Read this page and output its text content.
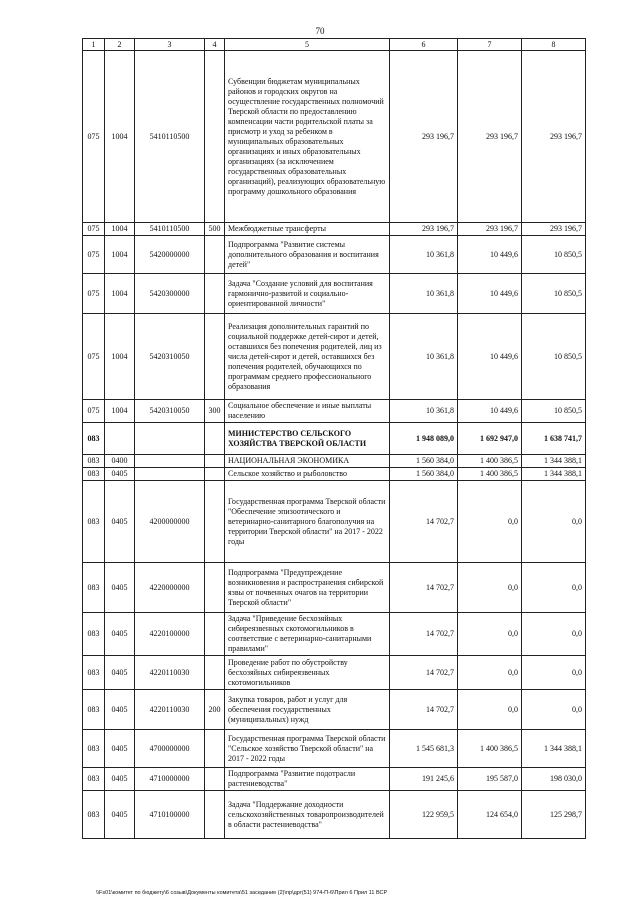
70
1	2	3	4	5	6	7	8
075	1004	5410110500		Субвенции бюджетам муниципальных районов и городских округов на осуществление государственных полномочий Тверской области по предоставлению компенсации части родительской платы за присмотр и уход за ребенком в муниципальных образовательных организациях и иных образовательных организациях (за исключением государственных образовательных организаций), реализующих образовательную программу дошкольного образования	293 196,7	293 196,7	293 196,7
075	1004	5410110500	500	Межбюджетные трансферты	293 196,7	293 196,7	293 196,7
075	1004	5420000000		Подпрограмма "Развитие системы дополнительного образования и воспитания детей"	10 361,8	10 449,6	10 850,5
075	1004	5420300000		Задача "Создание условий для воспитания гармонично-развитой и социально-ориентированной личности"	10 361,8	10 449,6	10 850,5
075	1004	5420310050		Реализация дополнительных гарантий по социальной поддержке детей-сирот и детей, оставшихся без попечения родителей, лиц из числа детей-сирот и детей, оставшихся без попечения родителей, обучающихся по программам среднего профессионального образования	10 361,8	10 449,6	10 850,5
075	1004	5420310050	300	Социальное обеспечение и иные выплаты населению	10 361,8	10 449,6	10 850,5
083				МИНИСТЕРСТВО СЕЛЬСКОГО ХОЗЯЙСТВА ТВЕРСКОЙ ОБЛАСТИ	1 948 089,0	1 692 947,0	1 638 741,7
083	0400			НАЦИОНАЛЬНАЯ ЭКОНОМИКА	1 560 384,0	1 400 386,5	1 344 388,1
083	0405			Сельское хозяйство и рыболовство	1 560 384,0	1 400 386,5	1 344 388,1
083	0405	4200000000		Государственная программа Тверской области "Обеспечение эпизоотического и ветеринарно-санитарного благополучия на территории Тверской области" на 2017 - 2022 годы	14 702,7	0,0	0,0
083	0405	4220000000		Подпрограмма "Предупреждение возникновения и распространения сибирской язвы от почвенных очагов на территории Тверской области"	14 702,7	0,0	0,0
083	0405	4220100000		Задача "Приведение бесхозяйных сибиреязвенных скотомогильников в соответствие с ветеринарно-санитарными правилами"	14 702,7	0,0	0,0
083	0405	4220110030		Проведение работ по обустройству бесхозяйных сибиреязвенных скотомогильников	14 702,7	0,0	0,0
083	0405	4220110030	200	Закупка товаров, работ и услуг для обеспечения государственных (муниципальных) нужд	14 702,7	0,0	0,0
083	0405	4700000000		Государственная программа Тверской области "Сельское хозяйство Тверской области" на 2017 - 2022 годы	1 545 681,3	1 400 386,5	1 344 388,1
083	0405	4710000000		Подпрограмма "Развитие подотрасли растениеводства"	191 245,6	195 587,0	198 030,0
083	0405	4710100000		Задача "Поддержание доходности сельскохозяйственных товаропроизводителей в области растениеводства"	122 959,5	124 654,0	125 298,7
\\Fs01\комитет по бюджету\6 созыв\Документы комитета\51 заседание (2)\пр\дрг(51) 974-П-6\Прил 6 Прил 11 ВСР
